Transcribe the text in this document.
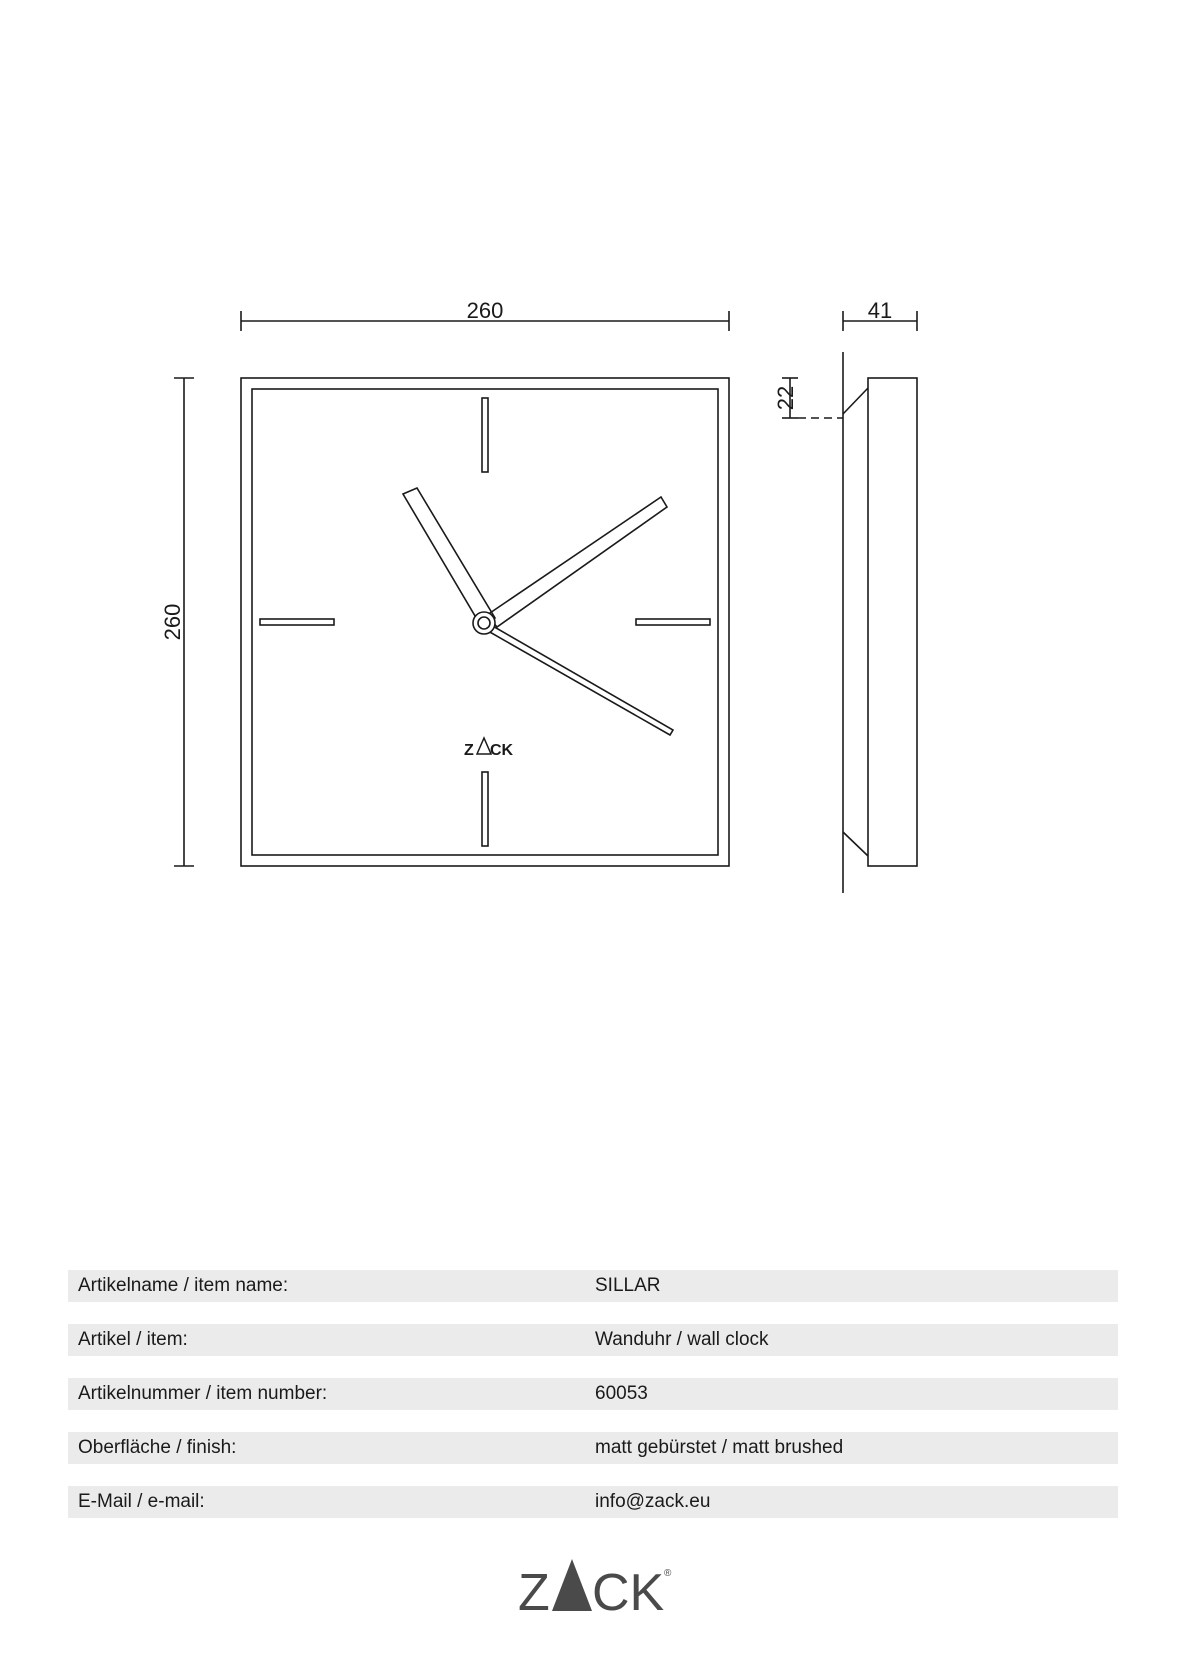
260
260
41
22
Z CK
Artikelname / item name:	SILLAR
Artikel / item:	Wanduhr / wall clock
Artikelnummer / item number:	60053
Oberfläche / finish:	matt gebürstet / matt brushed
E-Mail / e-mail:	info@zack.eu
Z CK ®
